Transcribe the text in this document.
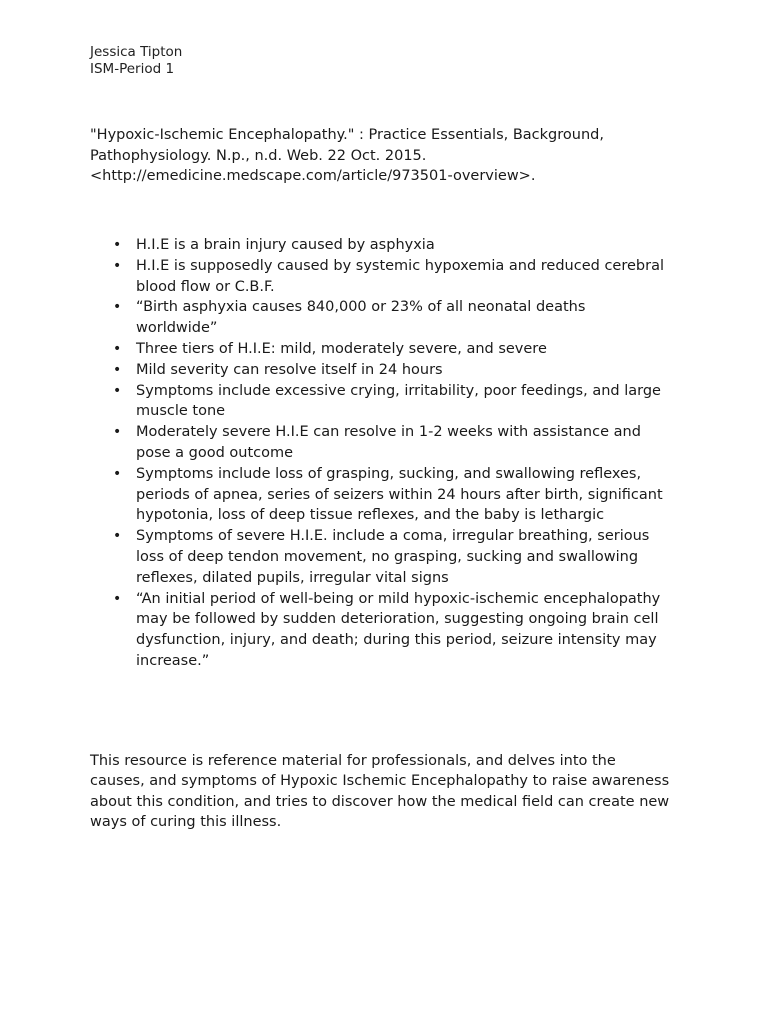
Jessica Tipton
ISM-Period 1
"Hypoxic-Ischemic Encephalopathy." : Practice Essentials, Background,
Pathophysiology. N.p., n.d. Web. 22 Oct. 2015.
<http://emedicine.medscape.com/article/973501-overview>.
• H.I.E is a brain injury caused by asphyxia
• H.I.E is supposedly caused by systemic hypoxemia and reduced cerebral blood flow or C.B.F.
• “Birth asphyxia causes 840,000 or 23% of all neonatal deaths worldwide”
• Three tiers of H.I.E: mild, moderately severe, and severe
• Mild severity can resolve itself in 24 hours
• Symptoms include excessive crying, irritability, poor feedings, and large muscle tone
• Moderately severe H.I.E can resolve in 1-2 weeks with assistance and pose a good outcome
• Symptoms include loss of grasping, sucking, and swallowing reflexes, periods of apnea, series of seizers within 24 hours after birth, significant hypotonia, loss of deep tissue reflexes, and the baby is lethargic
• Symptoms of severe H.I.E. include a coma, irregular breathing, serious loss of deep tendon movement, no grasping, sucking and swallowing reflexes, dilated pupils, irregular vital signs
• “An initial period of well-being or mild hypoxic-ischemic encephalopathy may be followed by sudden deterioration, suggesting ongoing brain cell dysfunction, injury, and death; during this period, seizure intensity may increase.”

This resource is reference material for professionals, and delves into the causes, and symptoms of Hypoxic Ischemic Encephalopathy to raise awareness about this condition, and tries to discover how the medical field can create new ways of curing this illness.
